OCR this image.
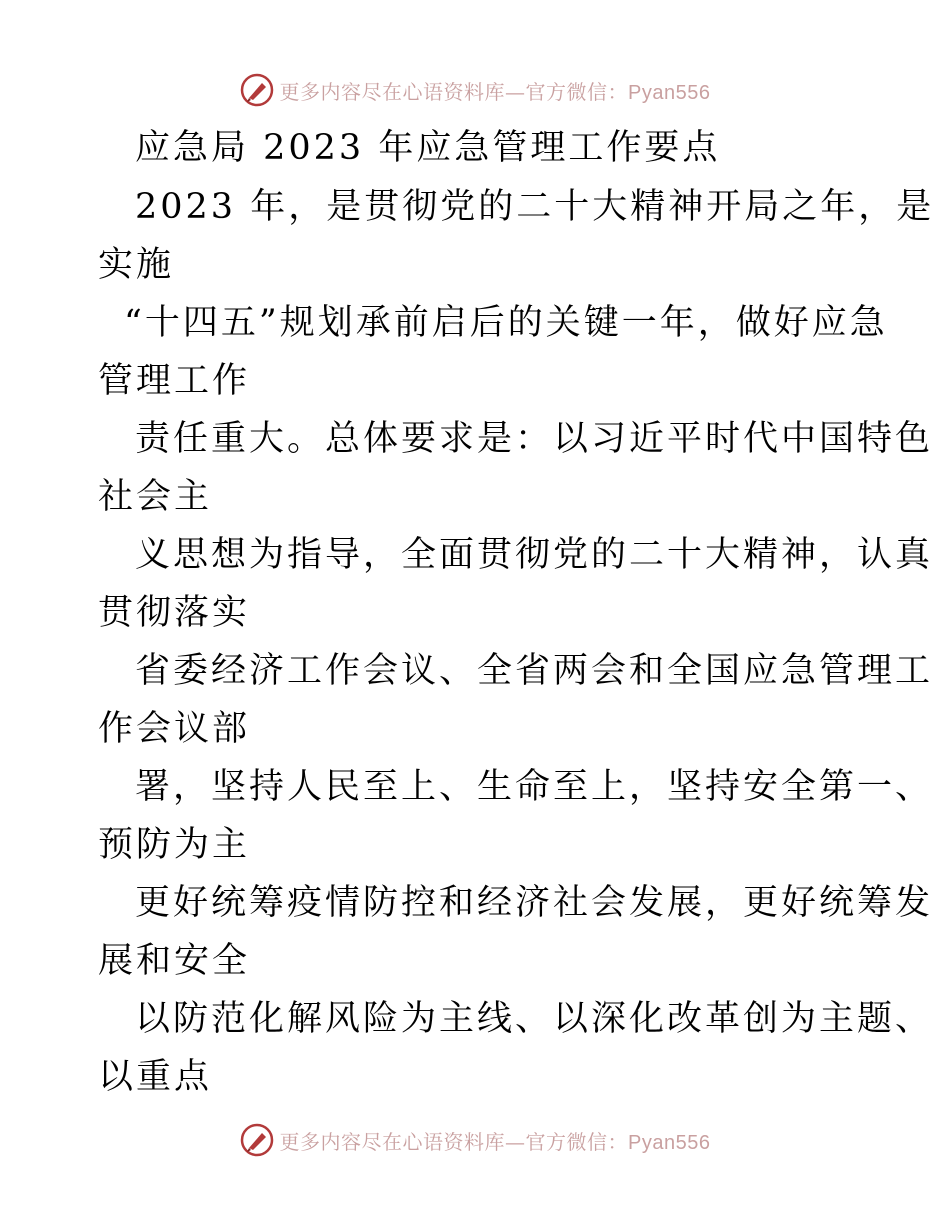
更多内容尽在心语资料库—官方微信：Pyan556
应急局 2023 年应急管理工作要点
2023 年，是贯彻党的二十大精神开局之年，是
实施
“十四五”规划承前启后的关键一年，做好应急
管理工作
责任重大。总体要求是：以习近平时代中国特色
社会主
义思想为指导，全面贯彻党的二十大精神，认真
贯彻落实
省委经济工作会议、全省两会和全国应急管理工
作会议部
署，坚持人民至上、生命至上，坚持安全第一、
预防为主
更好统筹疫情防控和经济社会发展，更好统筹发
展和安全
以防范化解风险为主线、以深化改革创为主题、
以重点
更多内容尽在心语资料库—官方微信：Pyan556
